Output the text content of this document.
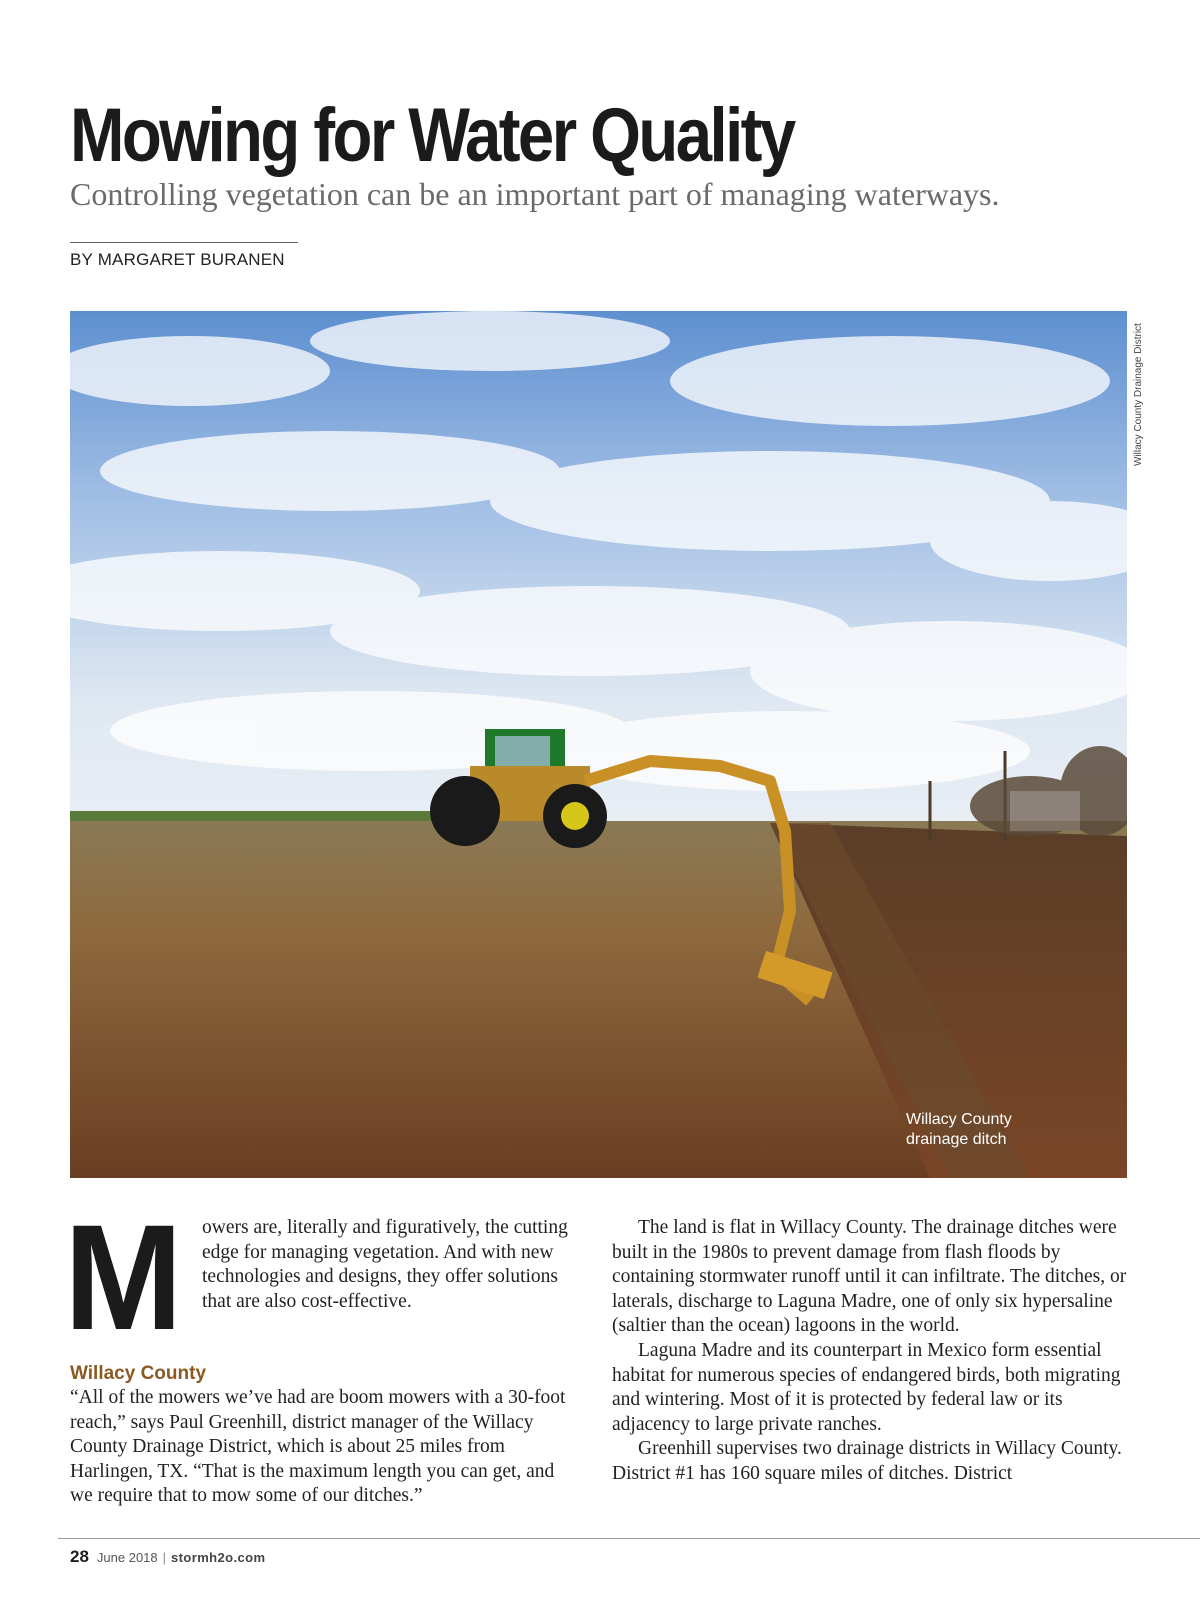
Mowing for Water Quality

Controlling vegetation can be an important part of managing waterways.

BY MARGARET BURANEN
Willacy County Drainage District
Willacy County
drainage ditch
M	owers are, literally and figuratively, the cutting edge for managing vegetation. And with new technologies and designs, they offer solutions that are also cost-effective.

Willacy County

“All of the mowers we’ve had are boom mowers with a 30-foot reach,” says Paul Greenhill, district manager of the Willacy County Drainage District, which is about 25 miles from Harlingen, TX. “That is the maximum length you can get, and we require that to mow some of our ditches.”

The land is flat in Willacy County. The drainage ditches were built in the 1980s to prevent damage from flash floods by containing stormwater runoff until it can infiltrate. The ditches, or laterals, discharge to Laguna Madre, one of only six hypersaline (saltier than the ocean) lagoons in the world.

Laguna Madre and its counterpart in Mexico form essential habitat for numerous species of endangered birds, both migrating and wintering. Most of it is protected by federal law or its adjacency to large private ranches.

Greenhill supervises two drainage districts in Willacy County. District #1 has 160 square miles of ditches. District

28 June 2018 | stormh2o.com
